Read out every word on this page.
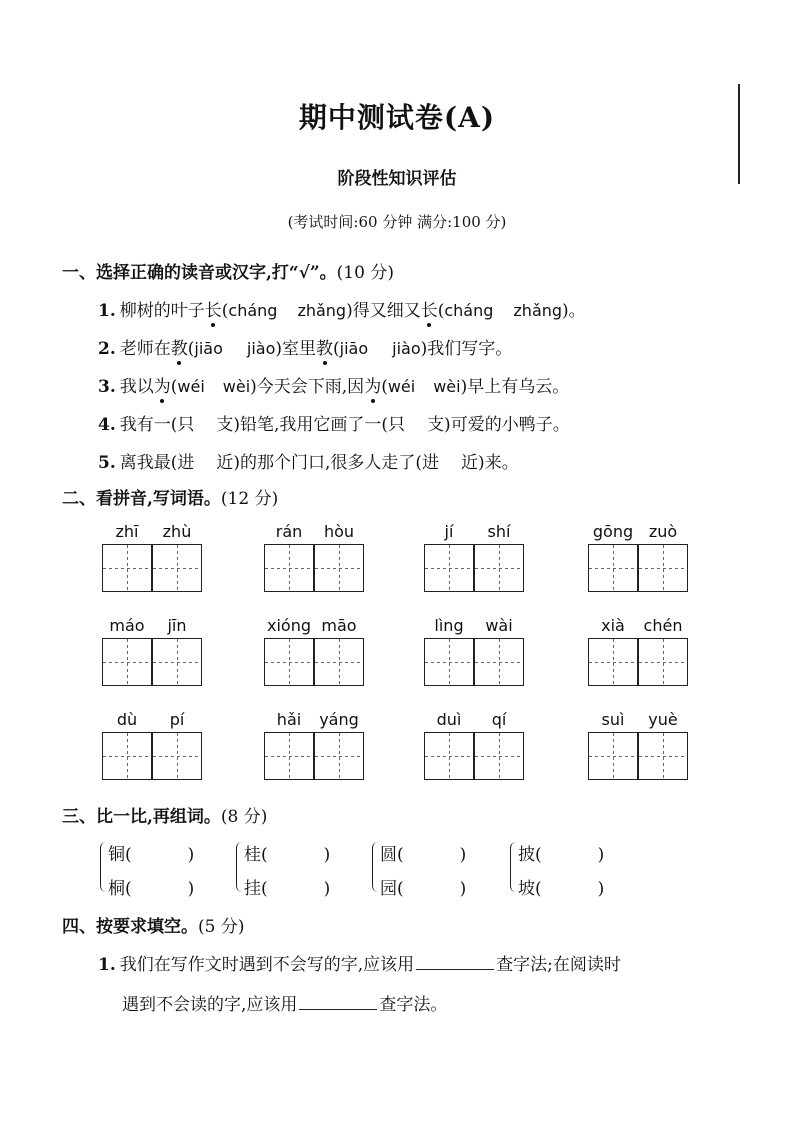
期中测试卷(A)
阶段性知识评估
(考试时间:60 分钟 满分:100 分)
一、选择正确的读音或汉字,打“√”。(10 分)
1. 柳树的叶子长(cháng zhǎng)得又细又长(cháng zhǎng)。
2. 老师在教(jiāo jiào)室里教(jiāo jiào)我们写字。
3. 我以为(wéi wèi)今天会下雨,因为(wéi wèi)早上有乌云。
4. 我有一(只 支)铅笔,我用它画了一(只 支)可爱的小鸭子。
5. 离我最(进 近)的那个门口,很多人走了(进 近)来。
二、看拼音,写词语。(12 分)
zhī	zhù	rán	hòu	jí	shí	gōng zuò
máo	jīn	xióng māo	lìng	wài	xià	chén
dù	pí	hǎi	yáng	duì	qí	suì	yuè
三、比一比,再组词。(8 分)
铜(	)
桐(	)
桂(	)
挂(	)
圆(	)
园(	)
披(	)
坡(	)
四、按要求填空。(5 分)
1. 我们在写作文时遇到不会写的字,应该用	查字法;在阅读时
遇到不会读的字,应该用	查字法。
